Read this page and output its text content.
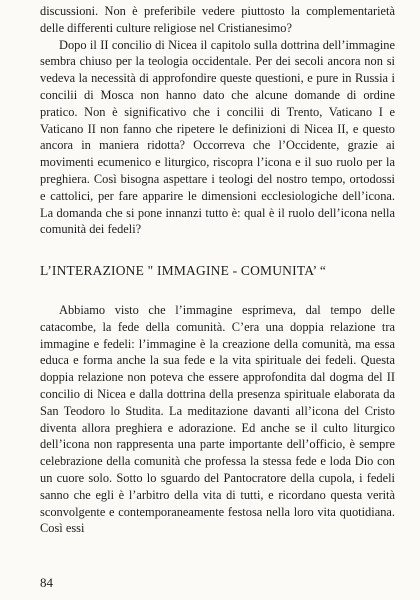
discussioni. Non è preferibile vedere piuttosto la complementarietà delle differenti culture religiose nel Cristianesimo?

Dopo il II concilio di Nicea il capitolo sulla dottrina dell’immagine sembra chiuso per la teologia occidentale. Per dei secoli ancora non si vedeva la necessità di approfondire queste questioni, e pure in Russia i concilii di Mosca non hanno dato che alcune domande di ordine pratico. Non è significativo che i concilii di Trento, Vaticano I e Vaticano II non fanno che ripetere le definizioni di Nicea II, e questo ancora in maniera ridotta? Occorreva che l’Occidente, grazie ai movimenti ecumenico e liturgico, riscopra l’icona e il suo ruolo per la preghiera. Così bisogna aspettare i teologi del nostro tempo, ortodossi e cattolici, per fare apparire le dimensioni ecclesiologiche dell’icona. La domanda che si pone innanzi tutto è: qual è il ruolo dell’icona nella comunità dei fedeli?

L’INTERAZIONE " IMMAGINE - COMUNITA’ “

Abbiamo visto che l’immagine esprimeva, dal tempo delle catacombe, la fede della comunità. C’era una doppia relazione tra immagine e fedeli: l’immagine è la creazione della comunità, ma essa educa e forma anche la sua fede e la vita spirituale dei fedeli. Questa doppia relazione non poteva che essere approfondita dal dogma del II concilio di Nicea e dalla dottrina della presenza spirituale elaborata da San Teodoro lo Studita. La meditazione davanti all’icona del Cristo diventa allora preghiera e adorazione. Ed anche se il culto liturgico dell’icona non rappresenta una parte importante dell’officio, è sempre celebrazione della comunità che professa la stessa fede e loda Dio con un cuore solo. Sotto lo sguardo del Pantocratore della cupola, i fedeli sanno che egli è l’arbitro della vita di tutti, e ricordano questa verità sconvolgente e contemporaneamente festosa nella loro vita quotidiana. Così essi

84
